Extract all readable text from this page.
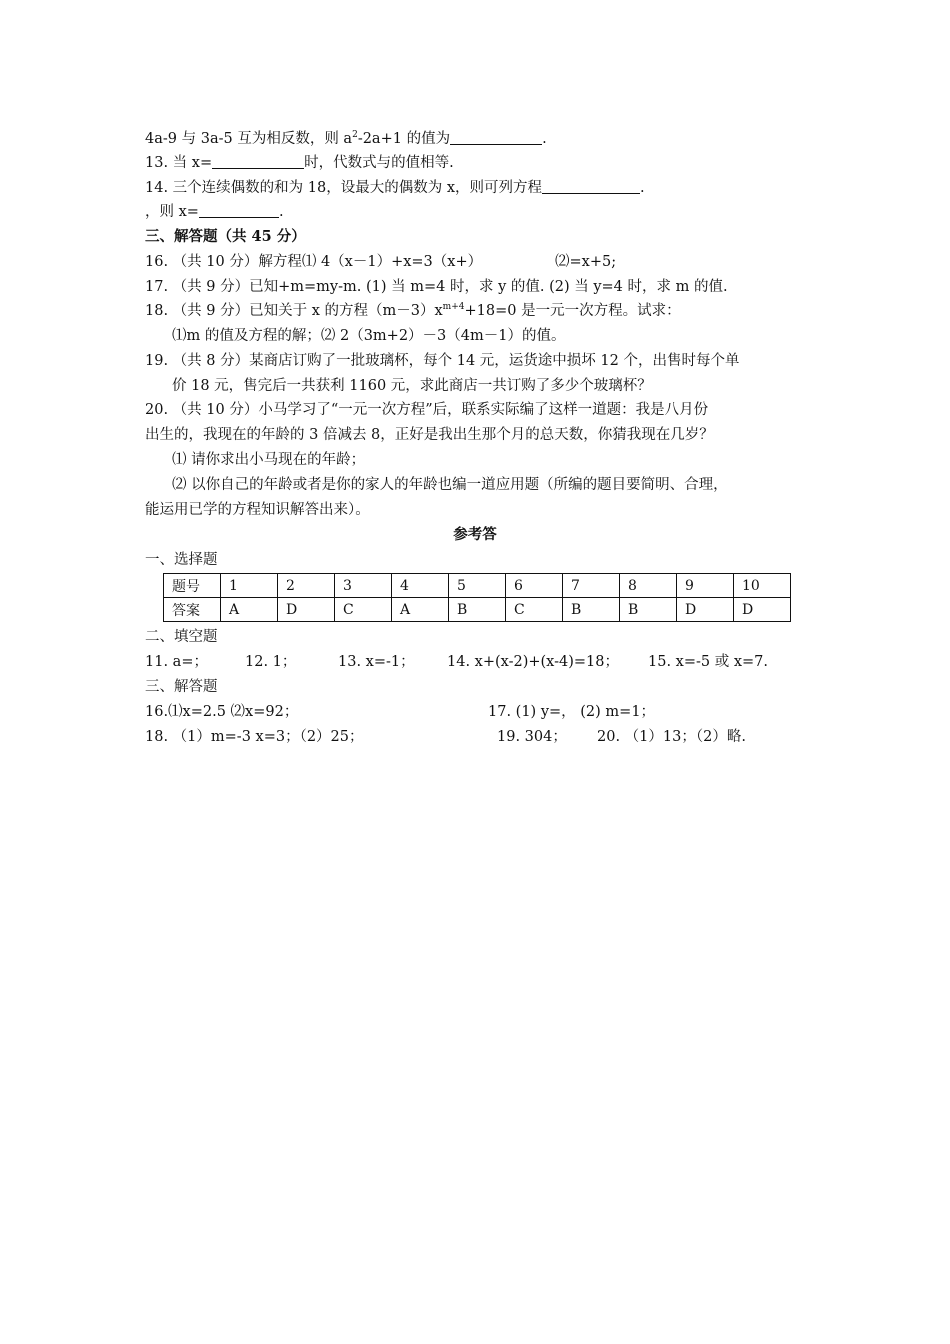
4a-9 与 3a-5 互为相反数，则 $a^2-2a+1$ 的值为	.
13. 当 x=	时，代数式与的值相等.
14. 三个连续偶数的和为 18，设最大的偶数为 x，则可列方程	.
，则 x=	.
三、解答题（共 45 分）
16. （共 10 分）解方程⑴ 4（x－1）+x=3（x+）	⑵=x+5;
17. （共 9 分）已知+m=my-m. (1) 当 m=4 时，求 y 的值. (2) 当 y=4 时，求 m 的值.
18. （共 9 分）已知关于 x 的方程$(m-3)x^{m+4}+18=0$ 是一元一次方程。试求：
⑴m 的值及方程的解；⑵ 2（3m+2）－3（4m－1）的值。
19. （共 8 分）某商店订购了一批玻璃杯，每个 14 元，运货途中损坏 12 个，出售时每个单
价 18 元，售完后一共获利 1160 元，求此商店一共订购了多少个玻璃杯？
20. （共 10 分）小马学习了“一元一次方程”后，联系实际编了这样一道题：我是八月份
出生的，我现在的年龄的 3 倍减去 8，正好是我出生那个月的总天数，你猜我现在几岁？
⑴ 请你求出小马现在的年龄；
⑵ 以你自己的年龄或者是你的家人的年龄也编一道应用题（所编的题目要简明、合理，
能运用已学的方程知识解答出来）。
参考答
一、选择题
题号	1	2	3	4	5	6	7	8	9	10
答案	A	D	C	A	B	C	B	B	D	D
二、填空题
11. a=；	12. 1；	13. x=-1； 14. x+(x-2)+(x-4)=18； 15. x=-5 或 x=7.
三、解答题
16.⑴x=2.5 ⑵x=92；	17. (1) y=， (2) m=1；
18. （1）m=-3 x=3；（2）25；	19. 304； 20. （1）13；（2）略.
